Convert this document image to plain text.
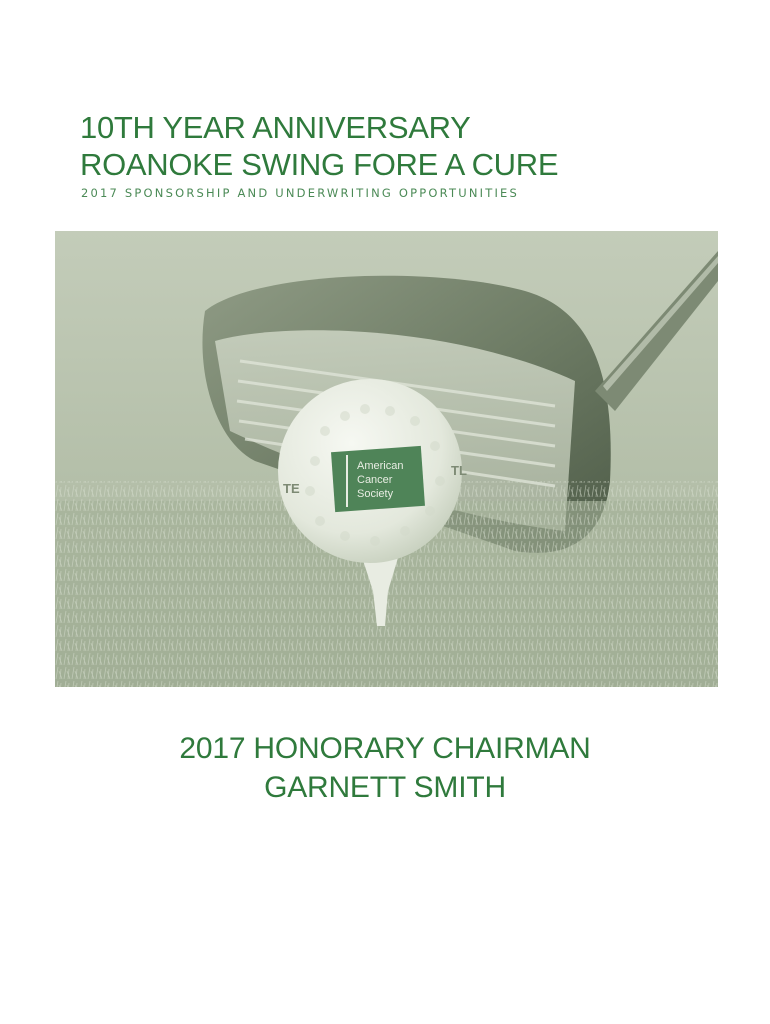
10TH YEAR ANNIVERSARY
ROANOKE SWING FORE A CURE
2017 SPONSORSHIP AND UNDERWRITING OPPORTUNITIES
American
Cancer
Society
TE
TL
2017 HONORARY CHAIRMAN
GARNETT SMITH
